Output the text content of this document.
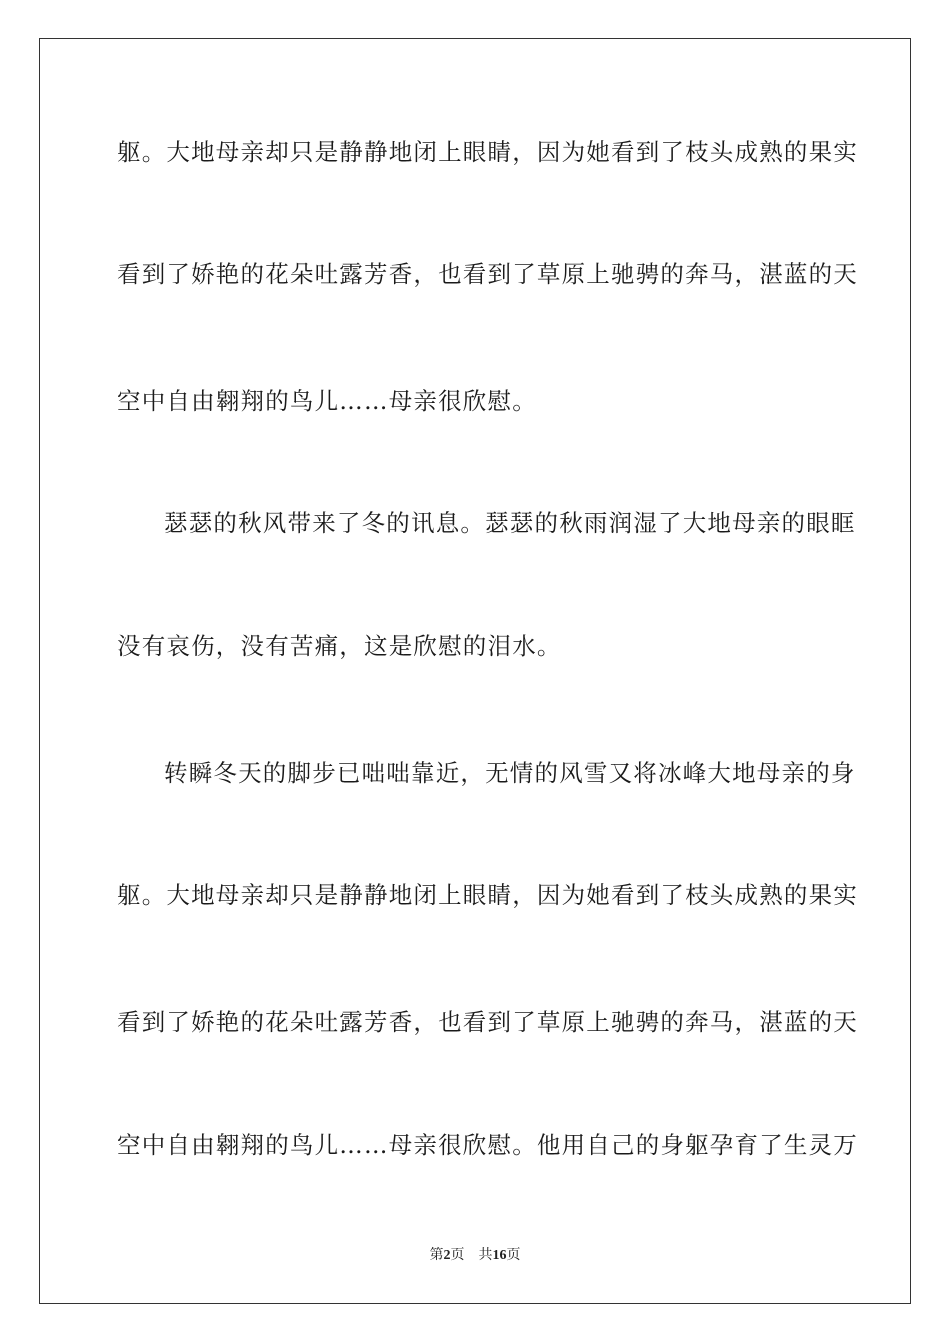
躯。大地母亲却只是静静地闭上眼睛，因为她看到了枝头成熟的果实
看到了娇艳的花朵吐露芳香，也看到了草原上驰骋的奔马，湛蓝的天
空中自由翱翔的鸟儿……母亲很欣慰。
瑟瑟的秋风带来了冬的讯息。瑟瑟的秋雨润湿了大地母亲的眼眶
没有哀伤，没有苦痛，这是欣慰的泪水。
转瞬冬天的脚步已咄咄靠近，无情的风雪又将冰峰大地母亲的身
躯。大地母亲却只是静静地闭上眼睛，因为她看到了枝头成熟的果实
看到了娇艳的花朵吐露芳香，也看到了草原上驰骋的奔马，湛蓝的天
空中自由翱翔的鸟儿……母亲很欣慰。他用自己的身躯孕育了生灵万
第2页 共16页
